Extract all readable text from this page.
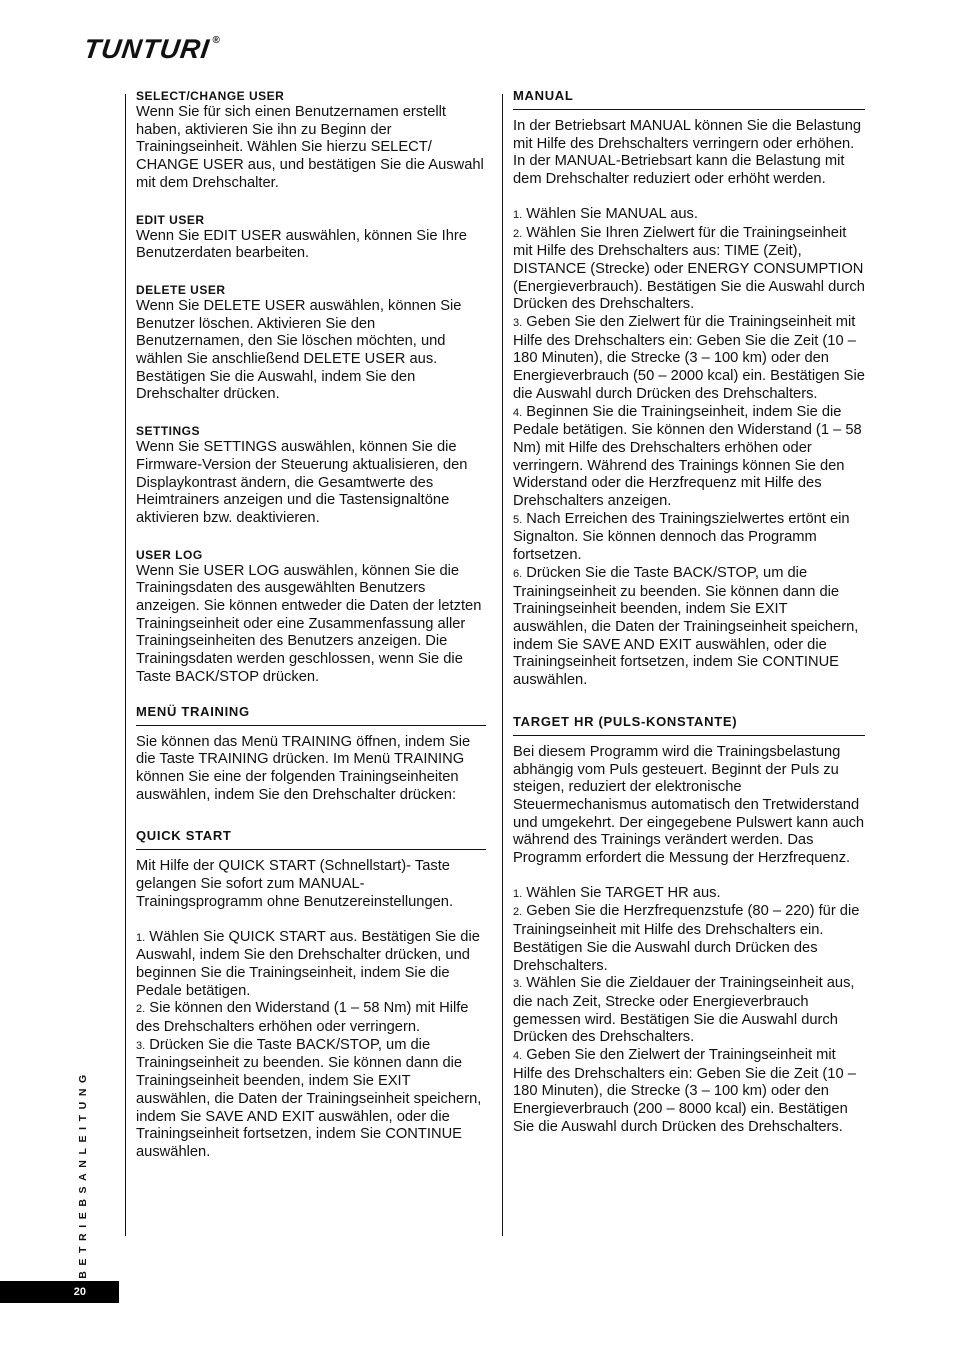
TUNTURI ®
SELECT/CHANGE USER

Wenn Sie für sich einen Benutzernamen erstellt haben, aktivieren Sie ihn zu Beginn der Trainingseinheit. Wählen Sie hierzu SELECT/ CHANGE USER aus, und bestätigen Sie die Auswahl mit dem Drehschalter.

EDIT USER

Wenn Sie EDIT USER auswählen, können Sie Ihre Benutzerdaten bearbeiten.

DELETE USER

Wenn Sie DELETE USER auswählen, können Sie Benutzer löschen. Aktivieren Sie den Benutzernamen, den Sie löschen möchten, und wählen Sie anschließend DELETE USER aus. Bestätigen Sie die Auswahl, indem Sie den Drehschalter drücken.

SETTINGS

Wenn Sie SETTINGS auswählen, können Sie die Firmware-Version der Steuerung aktualisieren, den Displaykontrast ändern, die Gesamtwerte des Heimtrainers anzeigen und die Tastensignaltöne aktivieren bzw. deaktivieren.

USER LOG

Wenn Sie USER LOG auswählen, können Sie die Trainingsdaten des ausgewählten Benutzers anzeigen. Sie können entweder die Daten der letzten Trainingseinheit oder eine Zusammenfassung aller Trainingseinheiten des Benutzers anzeigen. Die Trainingsdaten werden geschlossen, wenn Sie die Taste BACK/STOP drücken.

MENÜ TRAINING

Sie können das Menü TRAINING öffnen, indem Sie die Taste TRAINING drücken. Im Menü TRAINING können Sie eine der folgenden Trainingseinheiten auswählen, indem Sie den Drehschalter drücken:

QUICK START

Mit Hilfe der QUICK START (Schnellstart)- Taste gelangen Sie sofort zum MANUAL- Trainingsprogramm ohne Benutzereinstellungen.

1. Wählen Sie QUICK START aus. Bestätigen Sie die Auswahl, indem Sie den Drehschalter drücken, und beginnen Sie die Trainingseinheit, indem Sie die Pedale betätigen.

2. Sie können den Widerstand (1 – 58 Nm) mit Hilfe des Drehschalters erhöhen oder verringern.

3. Drücken Sie die Taste BACK/STOP, um die Trainingseinheit zu beenden. Sie können dann die Trainingseinheit beenden, indem Sie EXIT auswählen, die Daten der Trainingseinheit speichern, indem Sie SAVE AND EXIT auswählen, oder die Trainingseinheit fortsetzen, indem Sie CONTINUE auswählen.

MANUAL

In der Betriebsart MANUAL können Sie die Belastung mit Hilfe des Drehschalters verringern oder erhöhen. In der MANUAL-Betriebsart kann die Belastung mit dem Drehschalter reduziert oder erhöht werden.

1. Wählen Sie MANUAL aus.

2. Wählen Sie Ihren Zielwert für die Trainingseinheit mit Hilfe des Drehschalters aus: TIME (Zeit), DISTANCE (Strecke) oder ENERGY CONSUMPTION (Energieverbrauch). Bestätigen Sie die Auswahl durch Drücken des Drehschalters.

3. Geben Sie den Zielwert für die Trainingseinheit mit Hilfe des Drehschalters ein: Geben Sie die Zeit (10 – 180 Minuten), die Strecke (3 – 100 km) oder den Energieverbrauch (50 – 2000 kcal) ein. Bestätigen Sie die Auswahl durch Drücken des Drehschalters.

4. Beginnen Sie die Trainingseinheit, indem Sie die Pedale betätigen. Sie können den Widerstand (1 – 58 Nm) mit Hilfe des Drehschalters erhöhen oder verringern. Während des Trainings können Sie den Widerstand oder die Herzfrequenz mit Hilfe des Drehschalters anzeigen.

5. Nach Erreichen des Trainingszielwertes ertönt ein Signalton. Sie können dennoch das Programm fortsetzen.

6. Drücken Sie die Taste BACK/STOP, um die Trainingseinheit zu beenden. Sie können dann die Trainingseinheit beenden, indem Sie EXIT auswählen, die Daten der Trainingseinheit speichern, indem Sie SAVE AND EXIT auswählen, oder die Trainingseinheit fortsetzen, indem Sie CONTINUE auswählen.

TARGET HR (PULS-KONSTANTE)

Bei diesem Programm wird die Trainingsbelastung abhängig vom Puls gesteuert. Beginnt der Puls zu steigen, reduziert der elektronische Steuermechanismus automatisch den Tretwiderstand und umgekehrt. Der eingegebene Pulswert kann auch während des Trainings verändert werden. Das Programm erfordert die Messung der Herzfrequenz.

1. Wählen Sie TARGET HR aus.

2. Geben Sie die Herzfrequenzstufe (80 – 220) für die Trainingseinheit mit Hilfe des Drehschalters ein. Bestätigen Sie die Auswahl durch Drücken des Drehschalters.

3. Wählen Sie die Zieldauer der Trainingseinheit aus, die nach Zeit, Strecke oder Energieverbrauch gemessen wird. Bestätigen Sie die Auswahl durch Drücken des Drehschalters.

4. Geben Sie den Zielwert der Trainingseinheit mit Hilfe des Drehschalters ein: Geben Sie die Zeit (10 – 180 Minuten), die Strecke (3 – 100 km) oder den Energieverbrauch (200 – 8000 kcal) ein. Bestätigen Sie die Auswahl durch Drücken des Drehschalters.

BETRIEBSANLEITUNG
20
